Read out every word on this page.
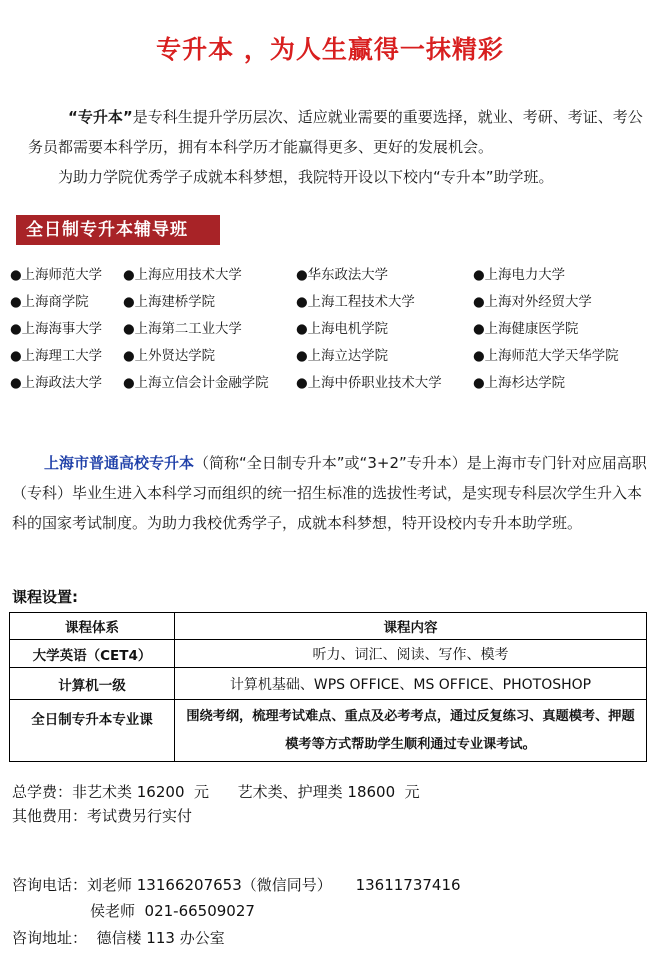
专升本 ，为人生赢得一抹精彩
“专升本”是专科生提升学历层次、适应就业需要的重要选择，就业、考研、考证、考公务员都需要本科学历，拥有本科学历才能赢得更多、更好的发展机会。
为助力学院优秀学子成就本科梦想，我院特开设以下校内“专升本”助学班。
全日制专升本辅导班
●上海师范大学 ●上海应用技术大学	●华东政法大学	●上海电力大学
●上海商学院	●上海建桥学院	●上海工程技术大学	●上海对外经贸大学
●上海海事大学 ●上海第二工业大学	●上海电机学院	●上海健康医学院
●上海理工大学 ●上外贤达学院	●上海立达学院	●上海师范大学天华学院
●上海政法大学 ●上海立信会计金融学院 ●上海中侨职业技术大学 ●上海杉达学院
上海市普通高校专升本（简称“全日制专升本”或“3+2”专升本）是上海市专门针对应届高职（专科）毕业生进入本科学习而组织的统一招生标准的选拔性考试，是实现专科层次学生升入本科的国家考试制度。为助力我校优秀学子，成就本科梦想，特开设校内专升本助学班。
课程设置:
课程体系	课程内容
大学英语（CET4）	听力、词汇、阅读、写作、模考
计算机一级	计算机基础、WPS OFFICE、MS OFFICE、PHOTOSHOP
全日制专升本专业课	围绕考纲，梳理考试难点、重点及必考考点，通过反复练习、真题模考、押题模考等方式帮助学生顺利通过专业课考试。
总学费：非艺术类 16200  元      艺术类、护理类 18600  元
其他费用：考试费另行实付
咨询电话：刘老师 13166207653（微信同号）     13611737416
侯老师  021-66509027
咨询地址：  德信楼 113 办公室
